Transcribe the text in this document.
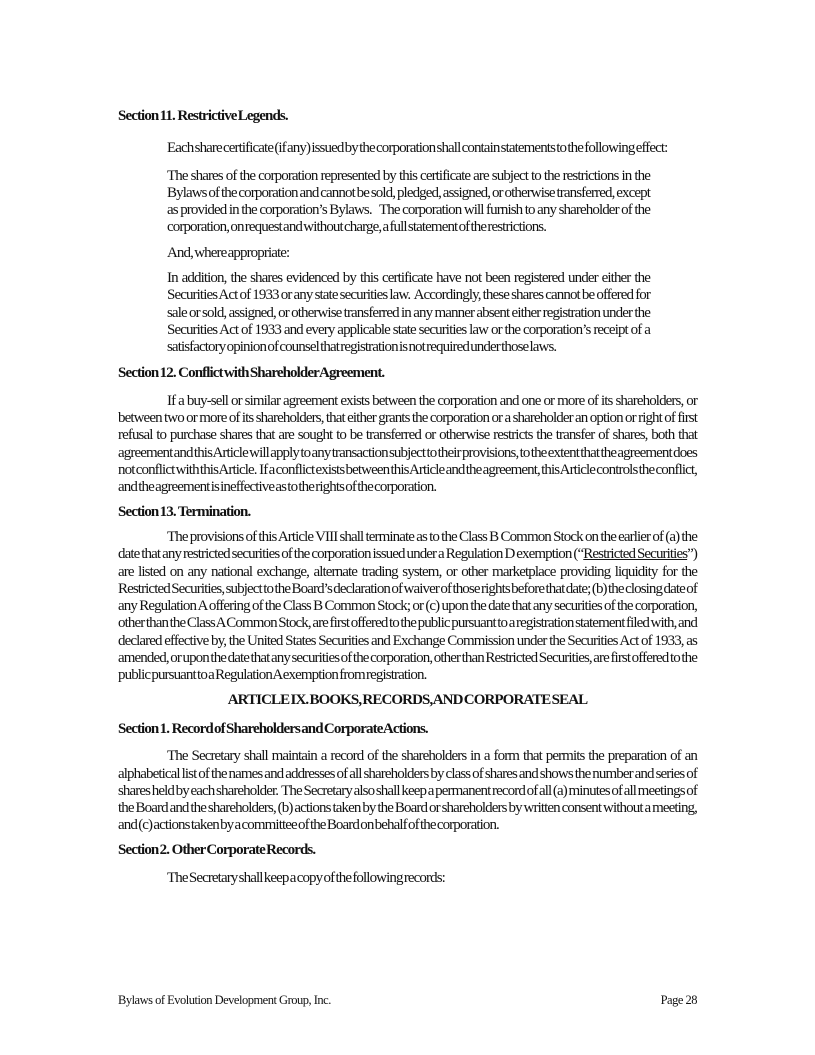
Section 11.  Restrictive Legends.

Each share certificate (if any) issued by the corporation shall contain statements to the following effect:

The shares of the corporation represented by this certificate are subject to the restrictions in the Bylaws of the corporation and cannot be sold, pledged, assigned, or otherwise transferred, except as provided in the corporation’s Bylaws.   The corporation will furnish to any shareholder of the corporation, on request and without charge, a full statement of the restrictions.

And, where appropriate:

In addition, the shares evidenced by this certificate have not been registered under either the Securities Act of 1933 or any state securities law.  Accordingly, these shares cannot be offered for sale or sold, assigned, or otherwise transferred in any manner absent either registration under the Securities Act of 1933 and every applicable state securities law or the corporation’s receipt of a satisfactory opinion of counsel that registration is not required under those laws.

Section 12.  Conflict with Shareholder Agreement.

If a buy-sell or similar agreement exists between the corporation and one or more of its shareholders, or between two or more of its shareholders, that either grants the corporation or a shareholder an option or right of first refusal to purchase shares that are sought to be transferred or otherwise restricts the transfer of shares, both that agreement and this Article will apply to any transaction subject to their provisions, to the extent that the agreement does not conflict with this Article.  If a conflict exists between this Article and the agreement, this Article controls the conflict, and the agreement is ineffective as to the rights of the corporation.

Section 13.  Termination.

The provisions of this Article VIII shall terminate as to the Class B Common Stock on the earlier of (a) the date that any restricted securities of the corporation issued under a Regulation D exemption (“Restricted Securities”) are listed on any national exchange, alternate trading system, or other marketplace providing liquidity for the Restricted Securities, subject to the Board’s declaration of waiver of those rights before that date; (b) the closing date of any Regulation A offering of the Class B Common Stock; or (c) upon the date that any securities of the corporation, other than the Class A Common Stock, are first offered to the public pursuant to a registration statement filed with, and declared effective by, the United States Securities and Exchange Commission under the Securities Act of 1933, as amended, or upon the date that any securities of the corporation, other than Restricted Securities, are first offered to the public pursuant to a Regulation A exemption from registration.

ARTICLE IX. BOOKS, RECORDS, AND CORPORATE SEAL

Section 1.  Record of Shareholders and Corporate Actions.

The Secretary shall maintain a record of the shareholders in a form that permits the preparation of an alphabetical list of the names and addresses of all shareholders by class of shares and shows the number and series of shares held by each shareholder.  The Secretary also shall keep a permanent record of all (a) minutes of all meetings of the Board and the shareholders, (b) actions taken by the Board or shareholders by written consent without a meeting, and (c) actions taken by a committee of the Board on behalf of the corporation.

Section 2.  Other Corporate Records.

The Secretary shall keep a copy of the following records:

Bylaws of Evolution Development Group, Inc.	Page 28
